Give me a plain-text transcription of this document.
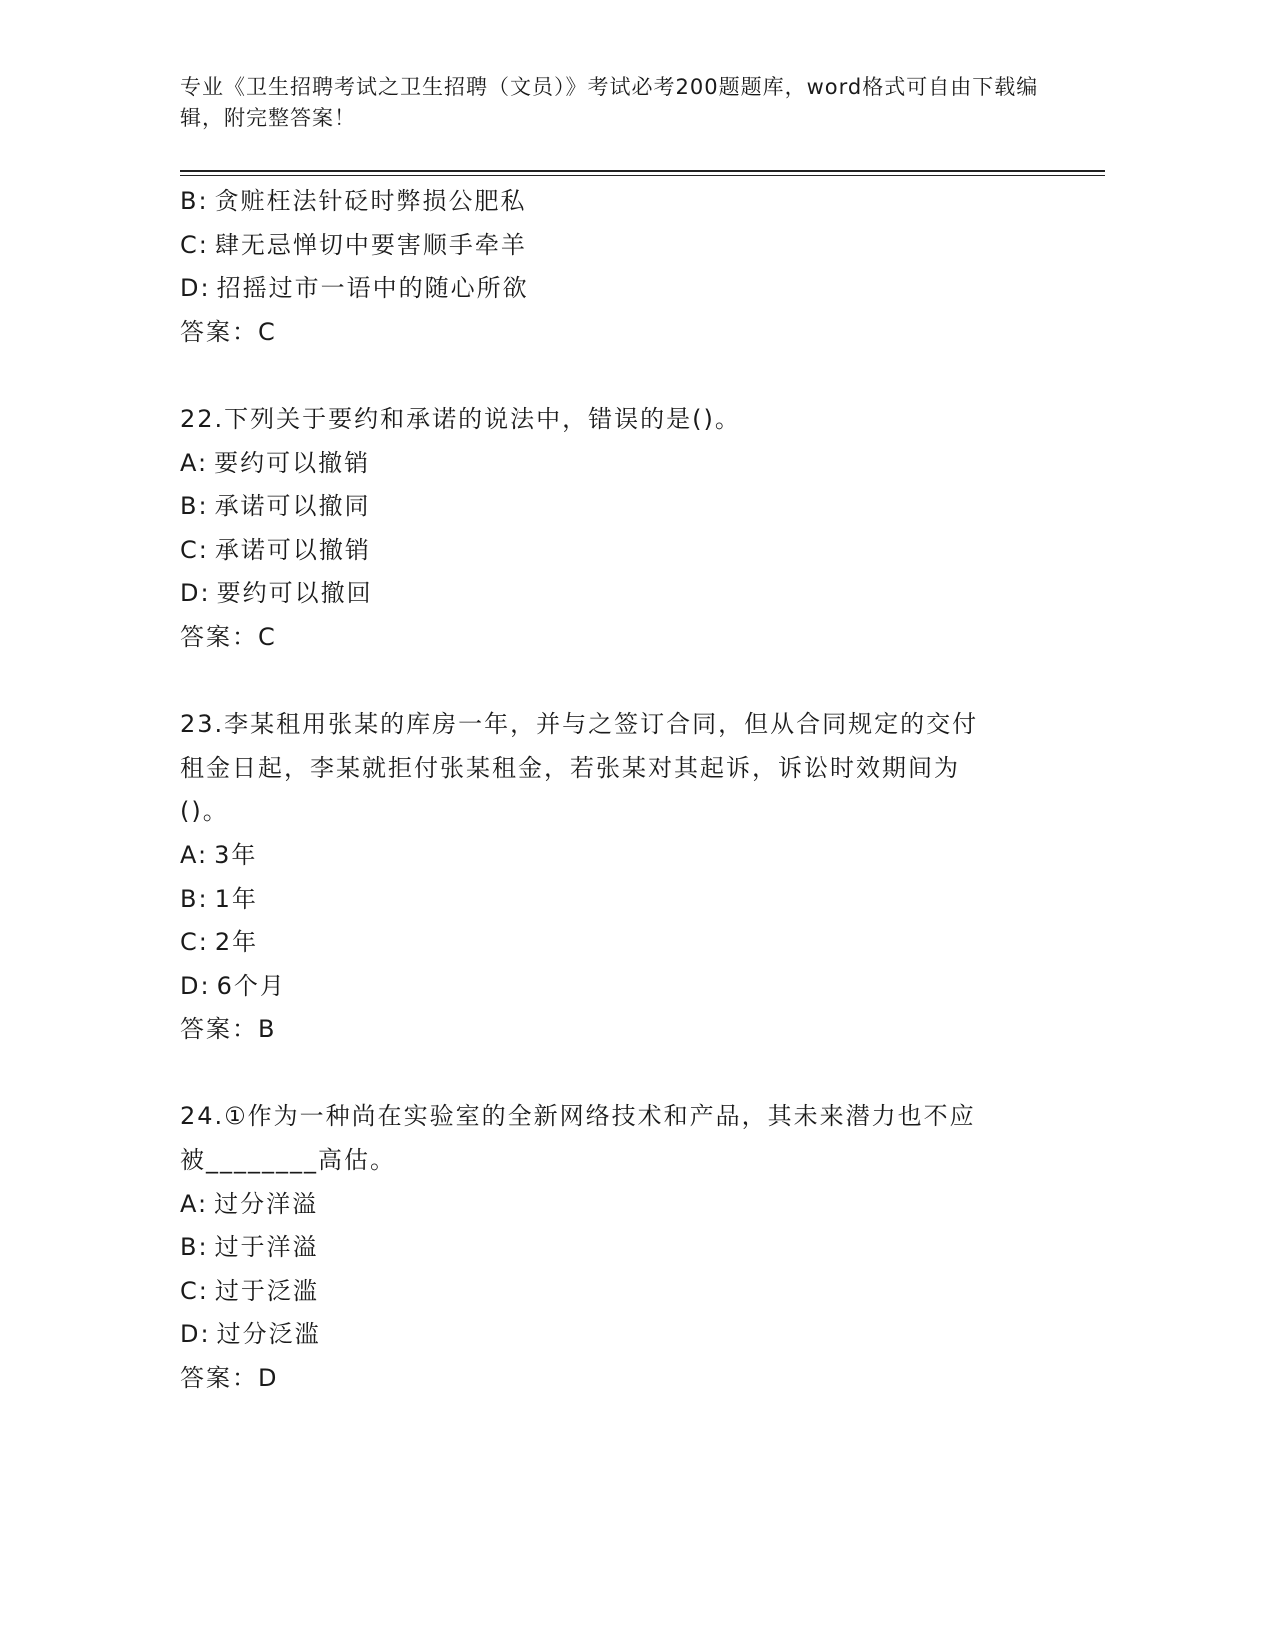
专业《卫生招聘考试之卫生招聘（文员）》考试必考200题题库，word格式可自由下载编辑，附完整答案！
B: 贪赃枉法针砭时弊损公肥私
C: 肆无忌惮切中要害顺手牵羊
D: 招摇过市一语中的随心所欲
答案：C
22.下列关于要约和承诺的说法中，错误的是()。
A: 要约可以撤销
B: 承诺可以撤同
C: 承诺可以撤销
D: 要约可以撤回
答案：C
23.李某租用张某的库房一年，并与之签订合同，但从合同规定的交付
租金日起，李某就拒付张某租金，若张某对其起诉，诉讼时效期间为
()。
A: 3年
B: 1年
C: 2年
D: 6个月
答案：B
24.①作为一种尚在实验室的全新网络技术和产品，其未来潜力也不应
被________高估。
A: 过分洋溢
B: 过于洋溢
C: 过于泛滥
D: 过分泛滥
答案：D
